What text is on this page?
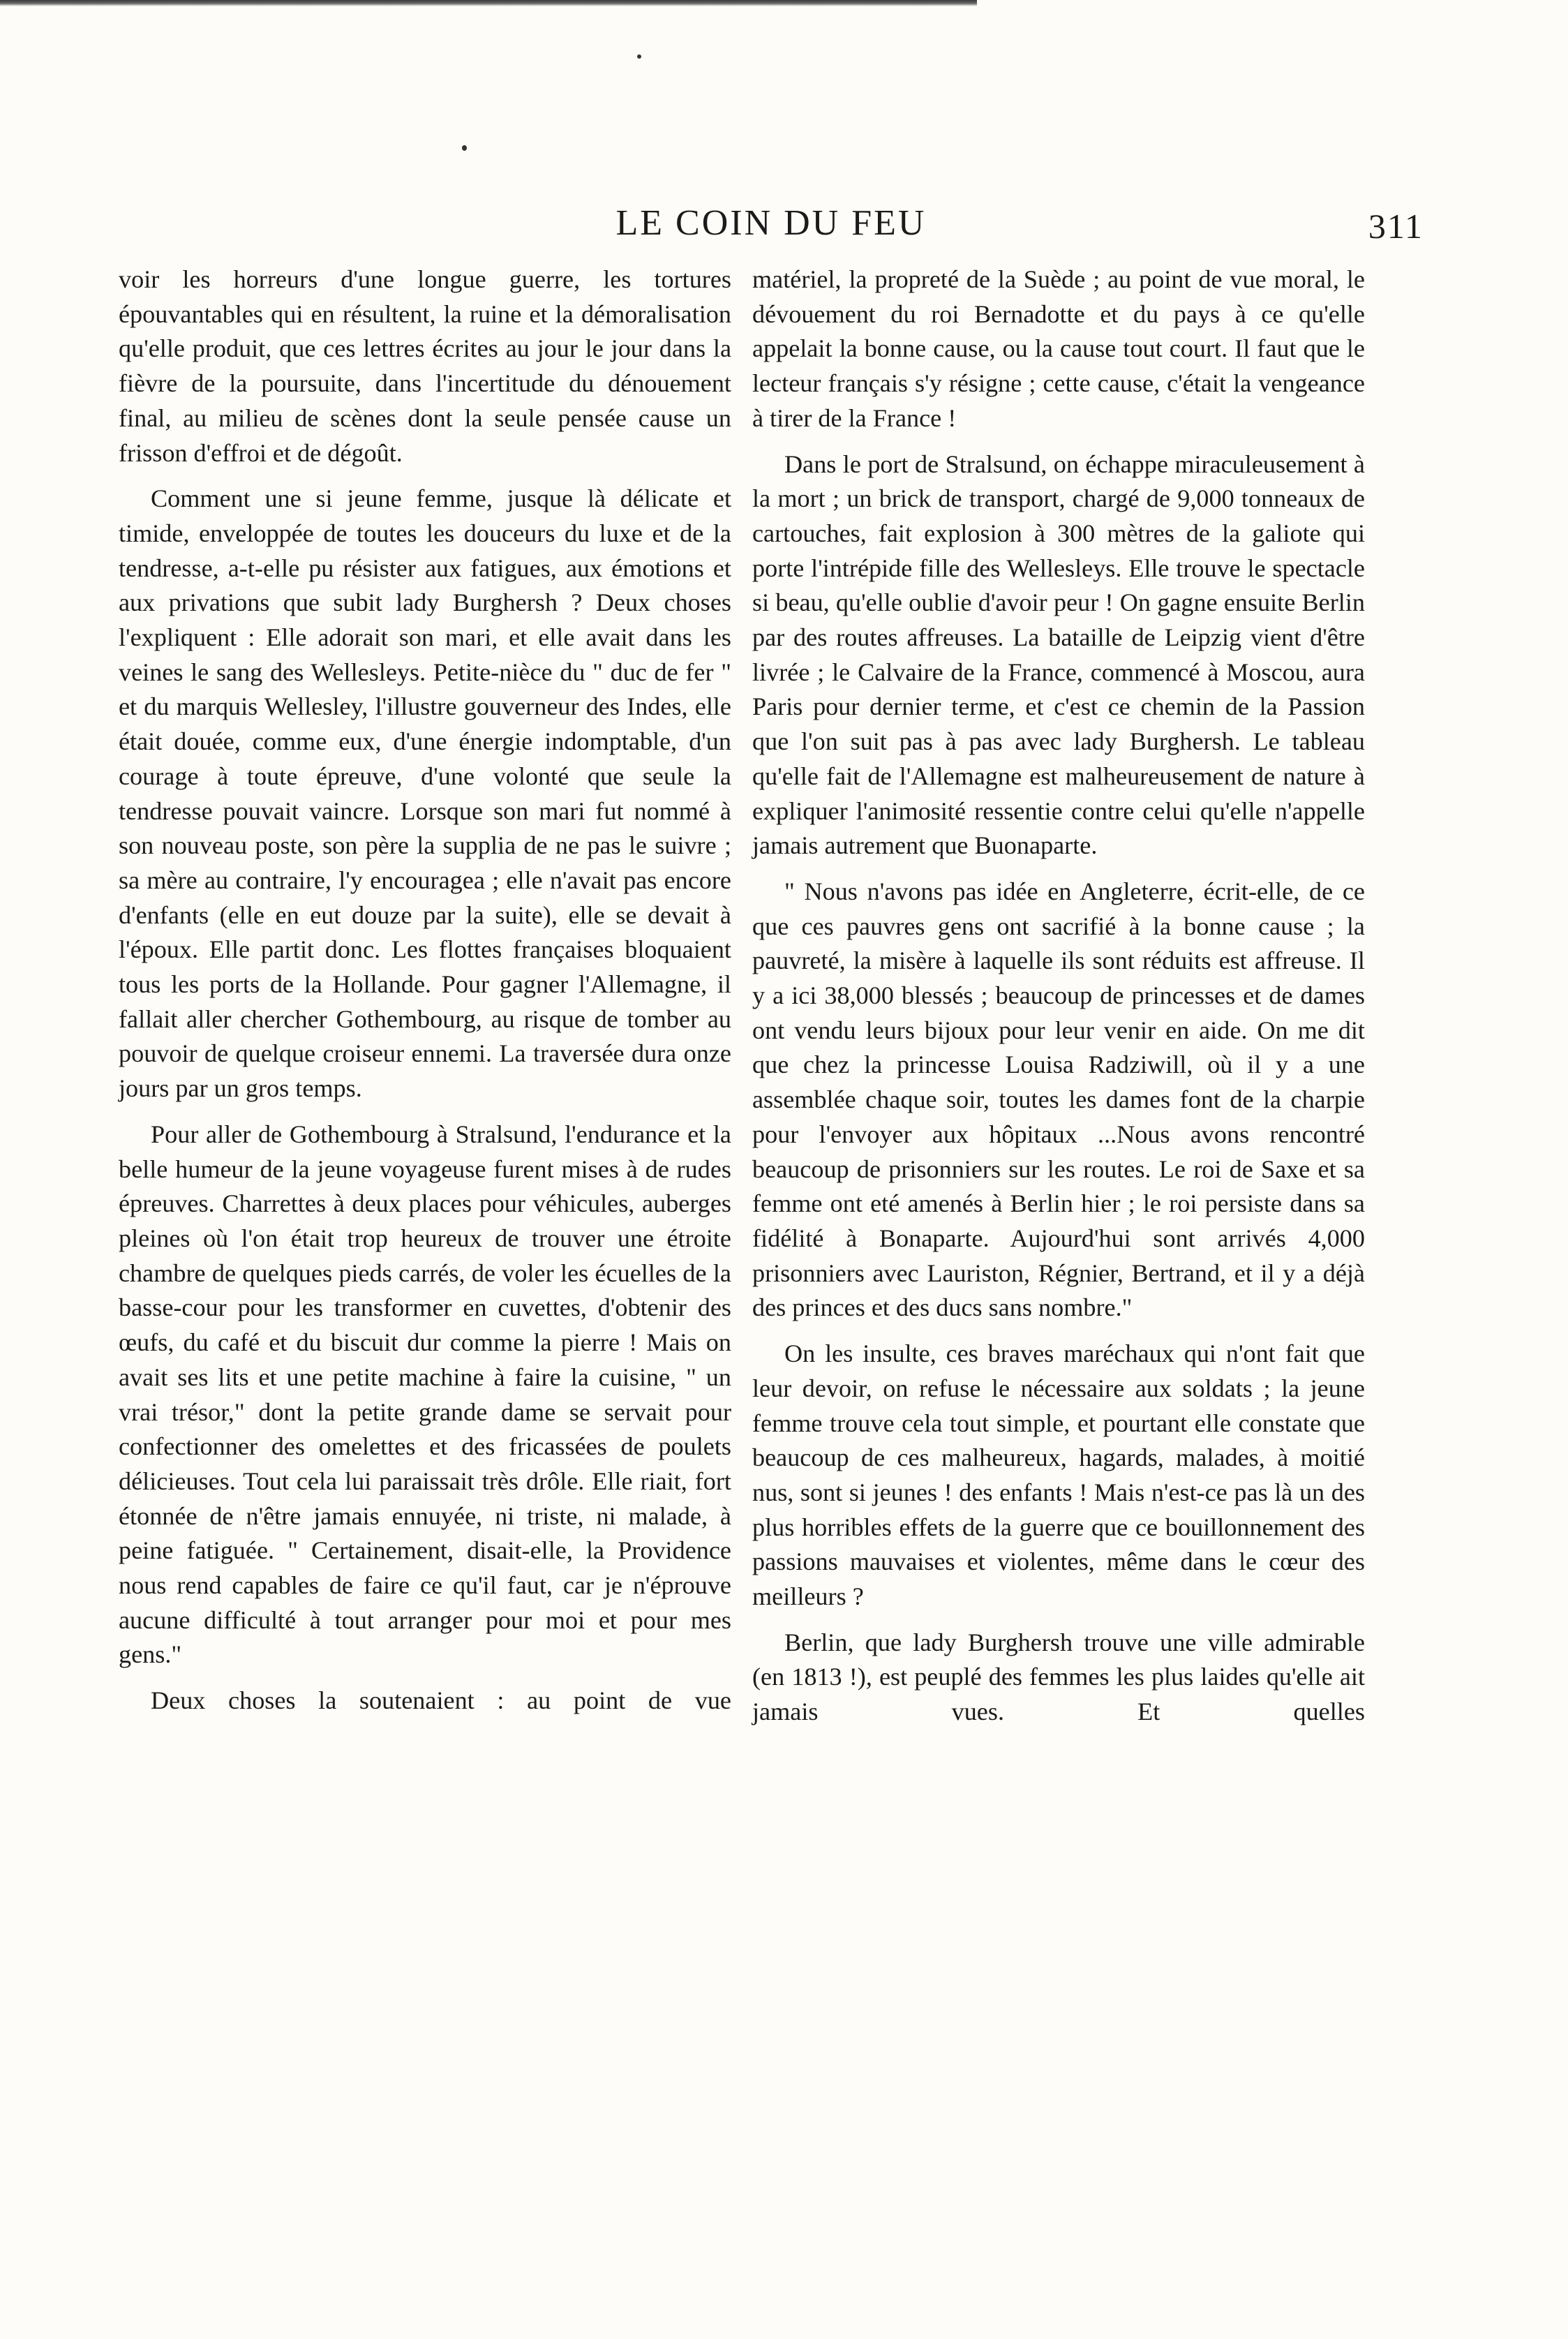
LE COIN DU FEU	311

voir les horreurs d'une longue guerre, les tortures épouvantables qui en résultent, la ruine et la démoralisation qu'elle produit, que ces lettres écrites au jour le jour dans la fièvre de la poursuite, dans l'incertitude du dénouement final, au milieu de scènes dont la seule pensée cause un frisson d'effroi et de dégoût.

Comment une si jeune femme, jusque là délicate et timide, enveloppée de toutes les douceurs du luxe et de la tendresse, a-t-elle pu résister aux fatigues, aux émotions et aux privations que subit lady Burghersh ? Deux choses l'expliquent : Elle adorait son mari, et elle avait dans les veines le sang des Wellesleys. Petite-nièce du " duc de fer " et du marquis Wellesley, l'illustre gouverneur des Indes, elle était douée, comme eux, d'une énergie indomptable, d'un courage à toute épreuve, d'une volonté que seule la tendresse pouvait vaincre. Lorsque son mari fut nommé à son nouveau poste, son père la supplia de ne pas le suivre ; sa mère au contraire, l'y encouragea ; elle n'avait pas encore d'enfants (elle en eut douze par la suite), elle se devait à l'époux. Elle partit donc. Les flottes françaises bloquaient tous les ports de la Hollande. Pour gagner l'Allemagne, il fallait aller chercher Gothembourg, au risque de tomber au pouvoir de quelque croiseur ennemi. La traversée dura onze jours par un gros temps.

Pour aller de Gothembourg à Stralsund, l'endurance et la belle humeur de la jeune voyageuse furent mises à de rudes épreuves. Charrettes à deux places pour véhicules, auberges pleines où l'on était trop heureux de trouver une étroite chambre de quelques pieds carrés, de voler les écuelles de la basse-cour pour les transformer en cuvettes, d'obtenir des œufs, du café et du biscuit dur comme la pierre ! Mais on avait ses lits et une petite machine à faire la cuisine, " un vrai trésor," dont la petite grande dame se servait pour confectionner des omelettes et des fricassées de poulets délicieuses. Tout cela lui paraissait très drôle. Elle riait, fort étonnée de n'être jamais ennuyée, ni triste, ni malade, à peine fatiguée. " Certainement, disait-elle, la Providence nous rend capables de faire ce qu'il faut, car je n'éprouve aucune difficulté à tout arranger pour moi et pour mes gens."

Deux choses la soutenaient : au point de vue

matériel, la propreté de la Suède ; au point de vue moral, le dévouement du roi Bernadotte et du pays à ce qu'elle appelait la bonne cause, ou la cause tout court. Il faut que le lecteur français s'y résigne ; cette cause, c'était la vengeance à tirer de la France !

Dans le port de Stralsund, on échappe miraculeusement à la mort ; un brick de transport, chargé de 9,000 tonneaux de cartouches, fait explosion à 300 mètres de la galiote qui porte l'intrépide fille des Wellesleys. Elle trouve le spectacle si beau, qu'elle oublie d'avoir peur ! On gagne ensuite Berlin par des routes affreuses. La bataille de Leipzig vient d'être livrée ; le Calvaire de la France, commencé à Moscou, aura Paris pour dernier terme, et c'est ce chemin de la Passion que l'on suit pas à pas avec lady Burghersh. Le tableau qu'elle fait de l'Allemagne est malheureusement de nature à expliquer l'animosité ressentie contre celui qu'elle n'appelle jamais autrement que Buonaparte.

" Nous n'avons pas idée en Angleterre, écrit-elle, de ce que ces pauvres gens ont sacrifié à la bonne cause ; la pauvreté, la misère à laquelle ils sont réduits est affreuse. Il y a ici 38,000 blessés ; beaucoup de princesses et de dames ont vendu leurs bijoux pour leur venir en aide. On me dit que chez la princesse Louisa Radziwill, où il y a une assemblée chaque soir, toutes les dames font de la charpie pour l'envoyer aux hôpitaux ...Nous avons rencontré beaucoup de prisonniers sur les routes. Le roi de Saxe et sa femme ont eté amenés à Berlin hier ; le roi persiste dans sa fidélité à Bonaparte. Aujourd'hui sont arrivés 4,000 prisonniers avec Lauriston, Régnier, Bertrand, et il y a déjà des princes et des ducs sans nombre."

On les insulte, ces braves maréchaux qui n'ont fait que leur devoir, on refuse le nécessaire aux soldats ; la jeune femme trouve cela tout simple, et pourtant elle constate que beaucoup de ces malheureux, hagards, malades, à moitié nus, sont si jeunes ! des enfants ! Mais n'est-ce pas là un des plus horribles effets de la guerre que ce bouillonnement des passions mauvaises et violentes, même dans le cœur des meilleurs ?

Berlin, que lady Burghersh trouve une ville admirable (en 1813 !), est peuplé des femmes les plus laides qu'elle ait jamais vues. Et quelles
